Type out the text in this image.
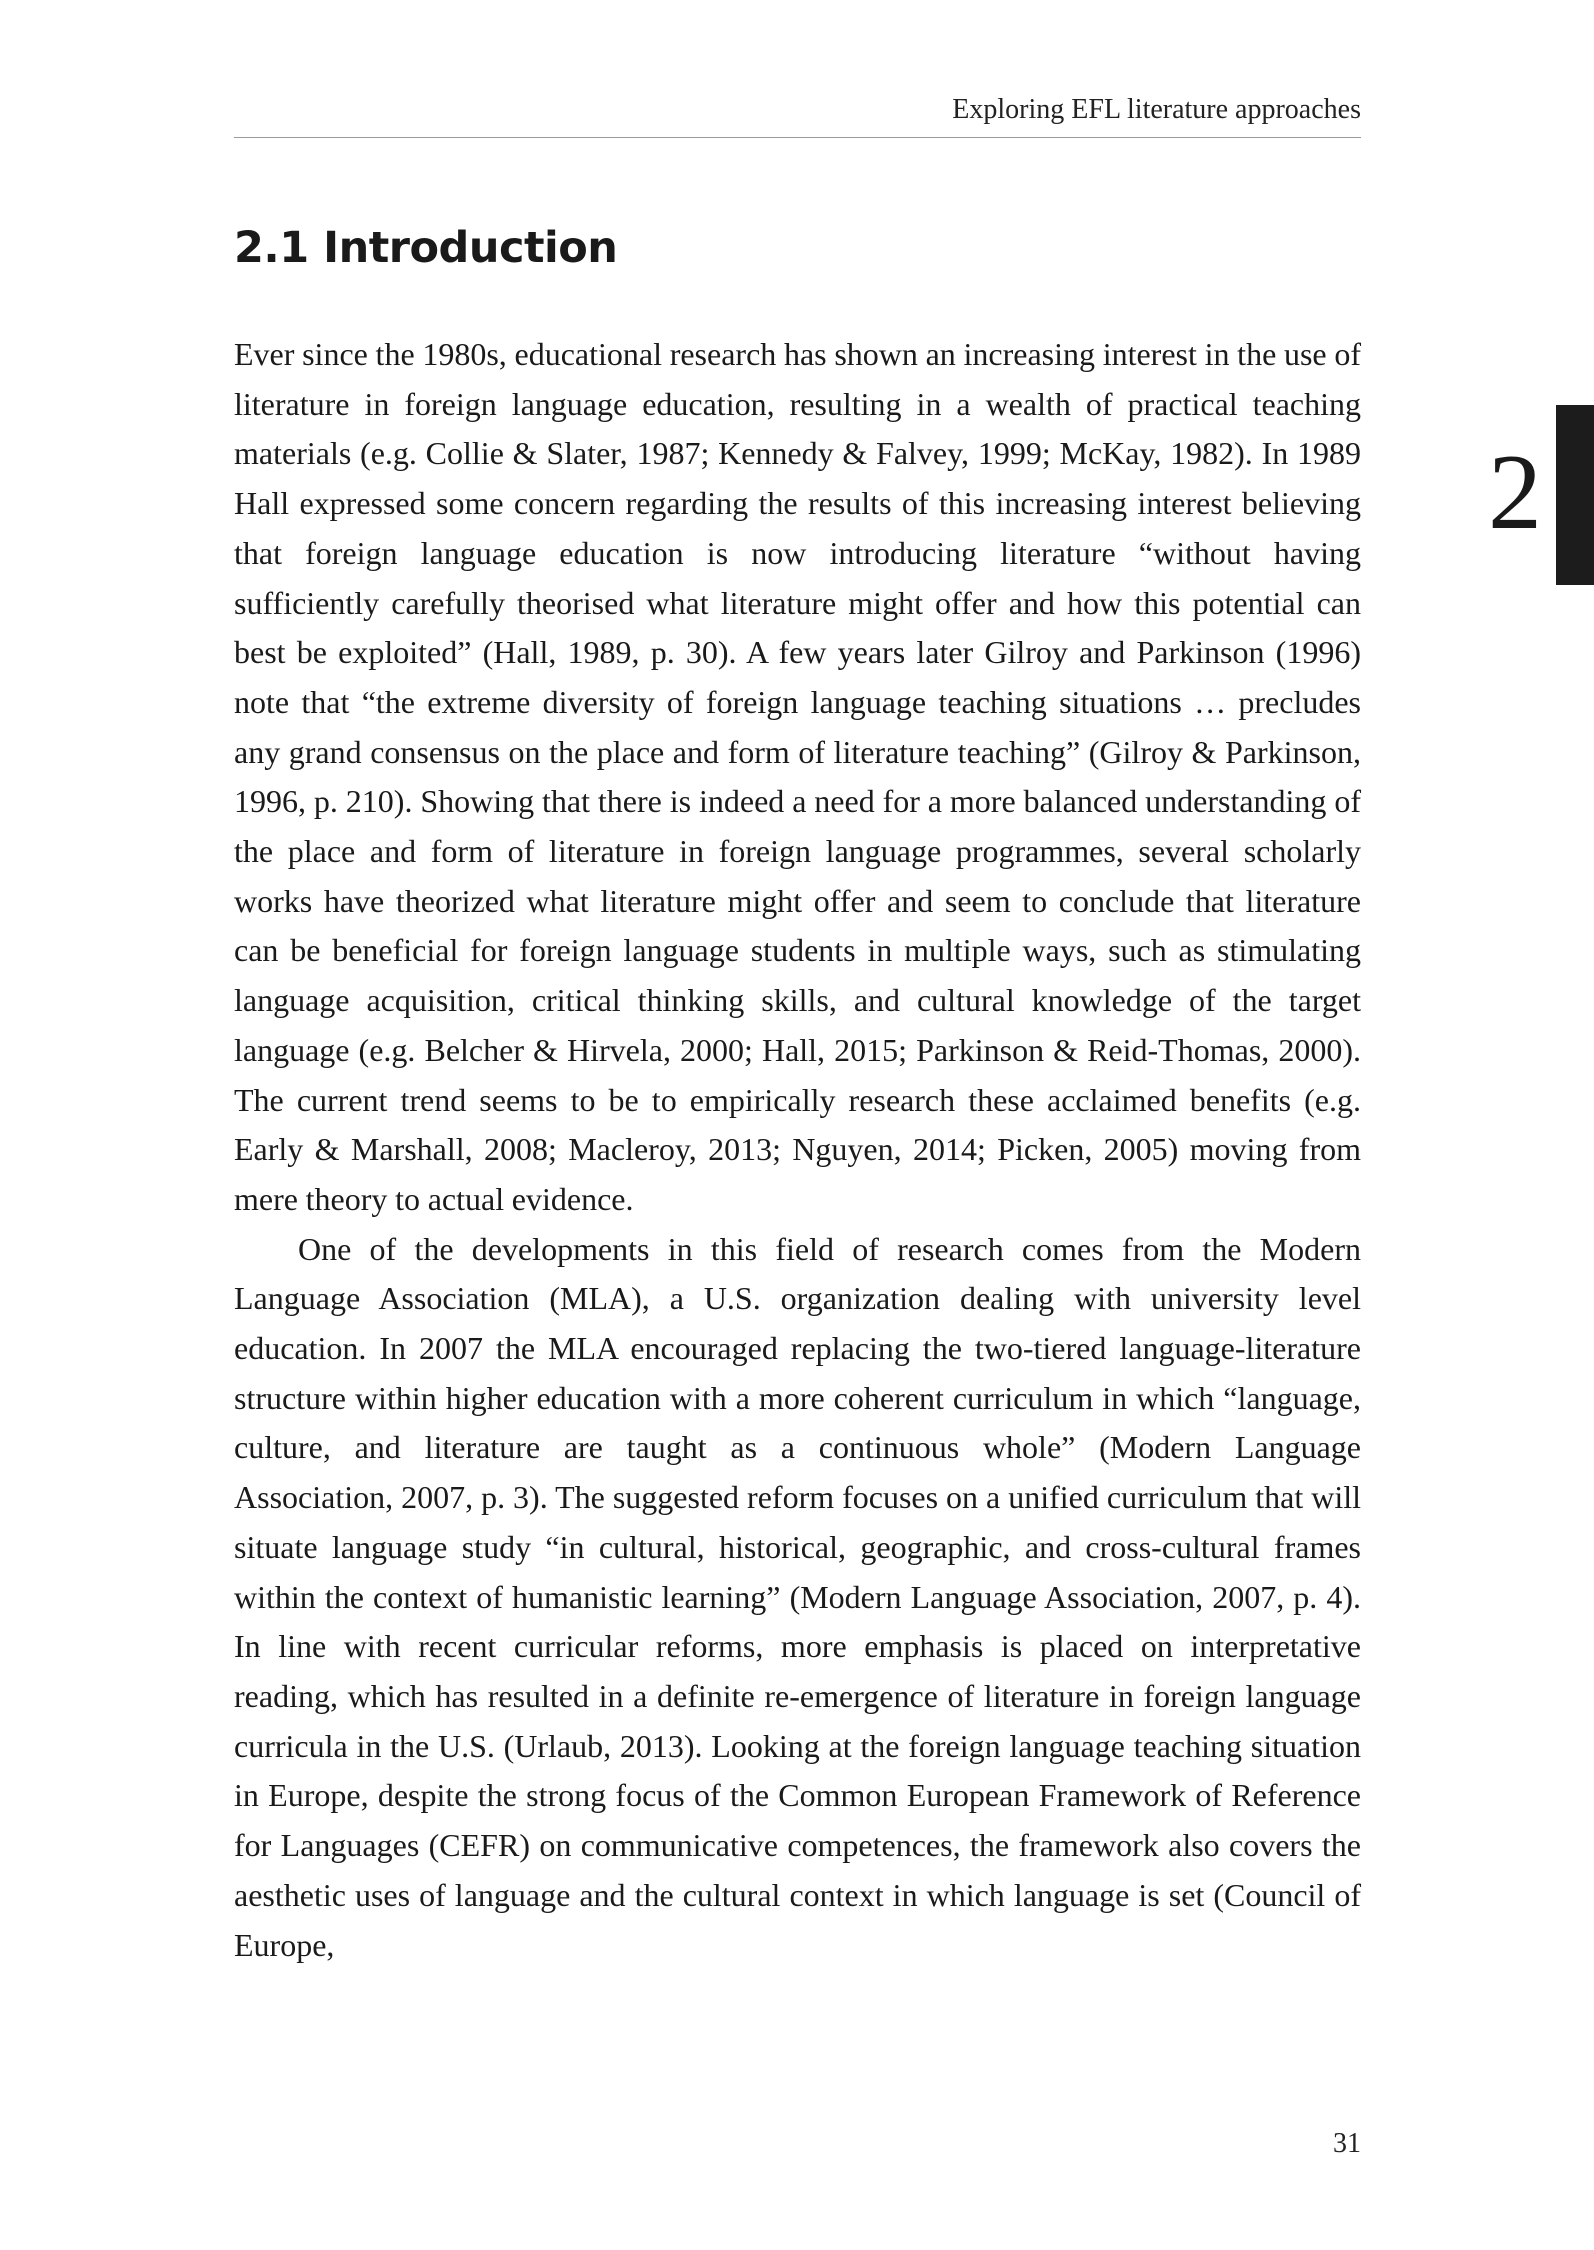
Exploring EFL literature approaches
2.1 Introduction
2

Ever since the 1980s, educational research has shown an increasing interest in the use of literature in foreign language education, resulting in a wealth of practical teaching materials (e.g. Collie & Slater, 1987; Kennedy & Falvey, 1999; McKay, 1982). In 1989 Hall expressed some concern regarding the results of this increasing interest believing that foreign language education is now introducing literature “without having sufficiently carefully theorised what literature might offer and how this potential can best be exploited” (Hall, 1989, p. 30). A few years later Gilroy and Parkinson (1996) note that “the extreme diversity of foreign language teaching situations … precludes any grand consensus on the place and form of literature teaching” (Gilroy & Parkinson, 1996, p. 210). Showing that there is indeed a need for a more balanced understanding of the place and form of literature in foreign language programmes, several scholarly works have theorized what literature might offer and seem to conclude that literature can be beneficial for foreign language students in multiple ways, such as stimulating language acquisition, critical thinking skills, and cultural knowledge of the target language (e.g. Belcher & Hirvela, 2000; Hall, 2015; Parkinson & Reid-Thomas, 2000). The current trend seems to be to empirically research these acclaimed benefits (e.g. Early & Marshall, 2008; Macleroy, 2013; Nguyen, 2014; Picken, 2005) moving from mere theory to actual evidence.

One of the developments in this field of research comes from the Modern Language Association (MLA), a U.S. organization dealing with university level education. In 2007 the MLA encouraged replacing the two-tiered language-literature structure within higher education with a more coherent curriculum in which “language, culture, and literature are taught as a continuous whole” (Modern Language Association, 2007, p. 3). The suggested reform focuses on a unified curriculum that will situate language study “in cultural, historical, geographic, and cross-cultural frames within the context of humanistic learning” (Modern Language Association, 2007, p. 4). In line with recent curricular reforms, more emphasis is placed on interpretative reading, which has resulted in a definite re-emergence of literature in foreign language curricula in the U.S. (Urlaub, 2013). Looking at the foreign language teaching situation in Europe, despite the strong focus of the Common European Framework of Reference for Languages (CEFR) on communicative competences, the framework also covers the aesthetic uses of language and the cultural context in which language is set (Council of Europe,

31
